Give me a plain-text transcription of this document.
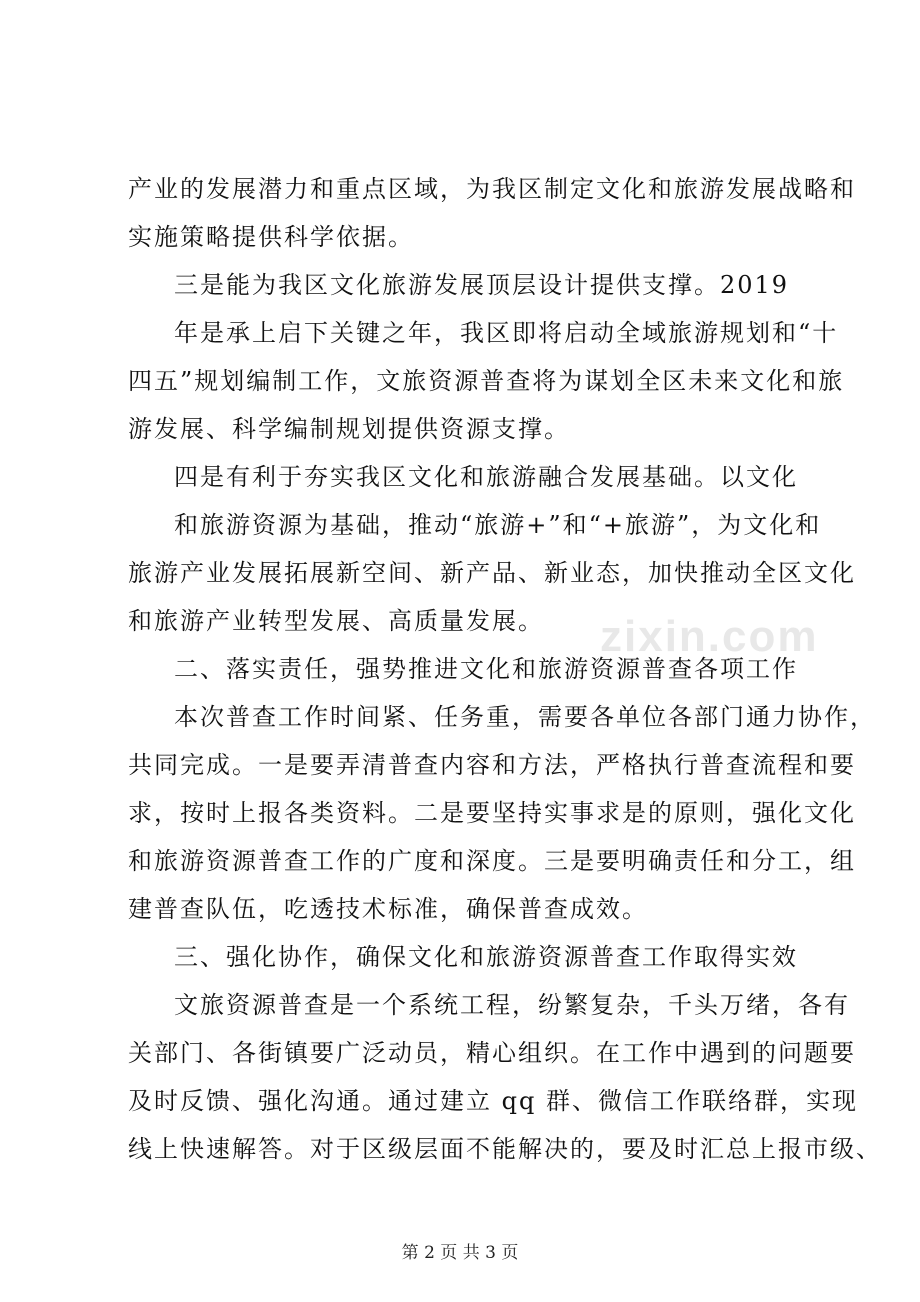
zixin.com
产业的发展潜力和重点区域，为我区制定文化和旅游发展战略和
实施策略提供科学依据。
三是能为我区文化旅游发展顶层设计提供支撑。2019
年是承上启下关键之年，我区即将启动全域旅游规划和“十
四五”规划编制工作，文旅资源普查将为谋划全区未来文化和旅
游发展、科学编制规划提供资源支撑。
四是有利于夯实我区文化和旅游融合发展基础。以文化
和旅游资源为基础，推动“旅游+”和“+旅游”，为文化和
旅游产业发展拓展新空间、新产品、新业态，加快推动全区文化
和旅游产业转型发展、高质量发展。
二、落实责任，强势推进文化和旅游资源普查各项工作
本次普查工作时间紧、任务重，需要各单位各部门通力协作，
共同完成。一是要弄清普查内容和方法，严格执行普查流程和要
求，按时上报各类资料。二是要坚持实事求是的原则，强化文化
和旅游资源普查工作的广度和深度。三是要明确责任和分工，组
建普查队伍，吃透技术标准，确保普查成效。
三、强化协作，确保文化和旅游资源普查工作取得实效
文旅资源普查是一个系统工程，纷繁复杂，千头万绪，各有
关部门、各街镇要广泛动员，精心组织。在工作中遇到的问题要
及时反馈、强化沟通。通过建立 qq 群、微信工作联络群，实现
线上快速解答。对于区级层面不能解决的，要及时汇总上报市级、
第 2 页 共 3 页
